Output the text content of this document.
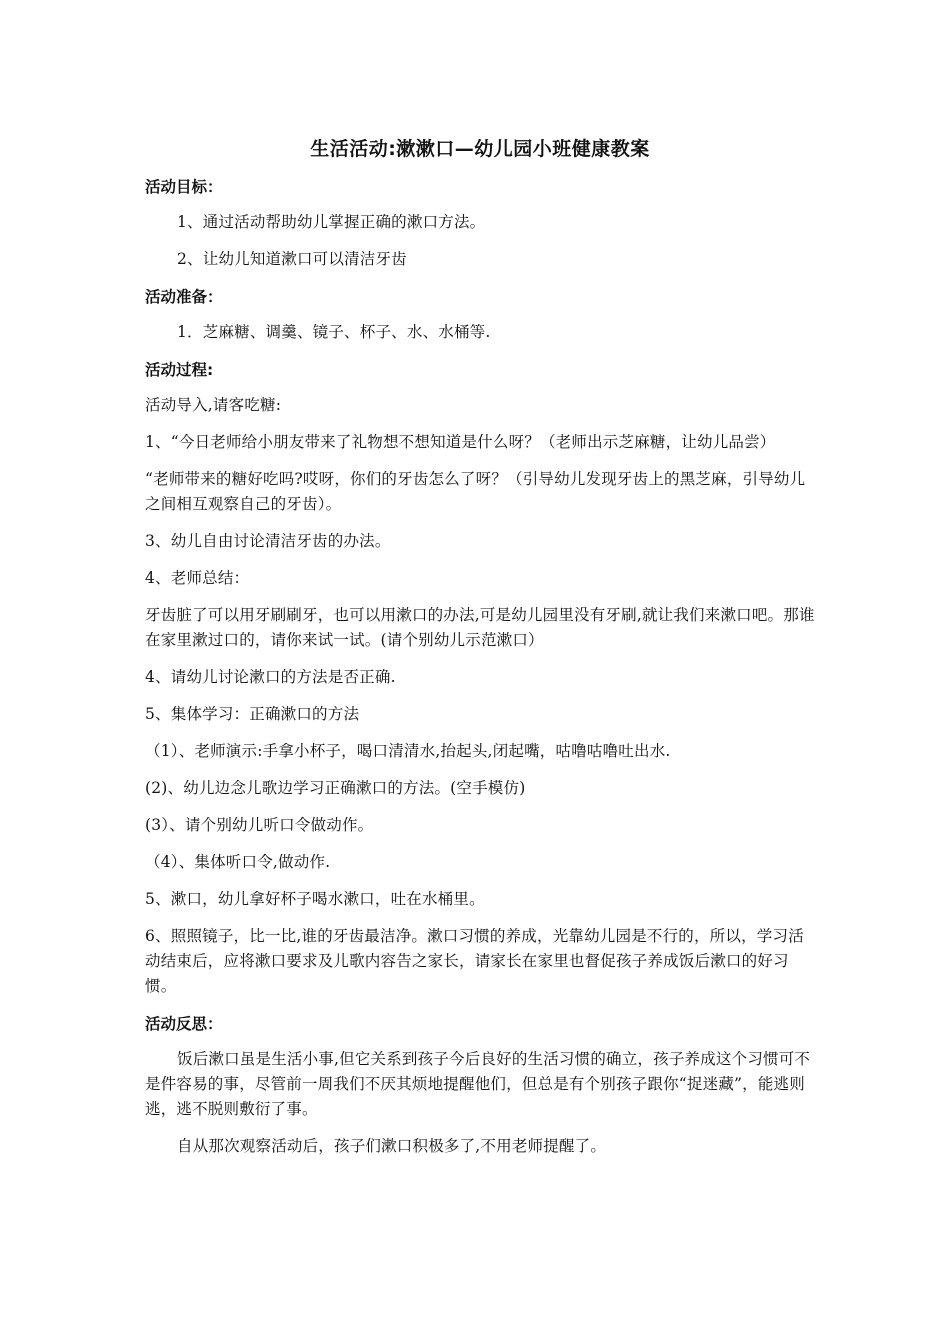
生活活动:漱漱口—幼儿园小班健康教案
活动目标：
1、通过活动帮助幼儿掌握正确的漱口方法。
2、让幼儿知道漱口可以清洁牙齿
活动准备：
1．芝麻糖、调羹、镜子、杯子、水、水桶等.
活动过程:
活动导入,请客吃糖:
1、“今日老师给小朋友带来了礼物想不想知道是什么呀？（老师出示芝麻糖，让幼儿品尝）
“老师带来的糖好吃吗?哎呀，你们的牙齿怎么了呀？（引导幼儿发现牙齿上的黑芝麻，引导幼儿之间相互观察自己的牙齿）。
3、幼儿自由讨论清洁牙齿的办法。
4、老师总结：
牙齿脏了可以用牙刷刷牙，也可以用漱口的办法,可是幼儿园里没有牙刷,就让我们来漱口吧。那谁在家里漱过口的，请你来试一试。(请个别幼儿示范漱口）
4、请幼儿讨论漱口的方法是否正确.
5、集体学习：正确漱口的方法
（1）、老师演示:手拿小杯子，喝口清清水,抬起头,闭起嘴，咕噜咕噜吐出水.
(2)、幼儿边念儿歌边学习正确漱口的方法。(空手模仿)
(3）、请个别幼儿听口令做动作。
（4）、集体听口令,做动作.
5、漱口，幼儿拿好杯子喝水漱口，吐在水桶里。
6、照照镜子，比一比,谁的牙齿最洁净。漱口习惯的养成，光靠幼儿园是不行的，所以，学习活动结束后，应将漱口要求及儿歌内容告之家长，请家长在家里也督促孩子养成饭后漱口的好习惯。
活动反思：
饭后漱口虽是生活小事,但它关系到孩子今后良好的生活习惯的确立，孩子养成这个习惯可不是件容易的事，尽管前一周我们不厌其烦地提醒他们，但总是有个别孩子跟你“捉迷藏”，能逃则逃，逃不脱则敷衍了事。
自从那次观察活动后，孩子们漱口积极多了,不用老师提醒了。
